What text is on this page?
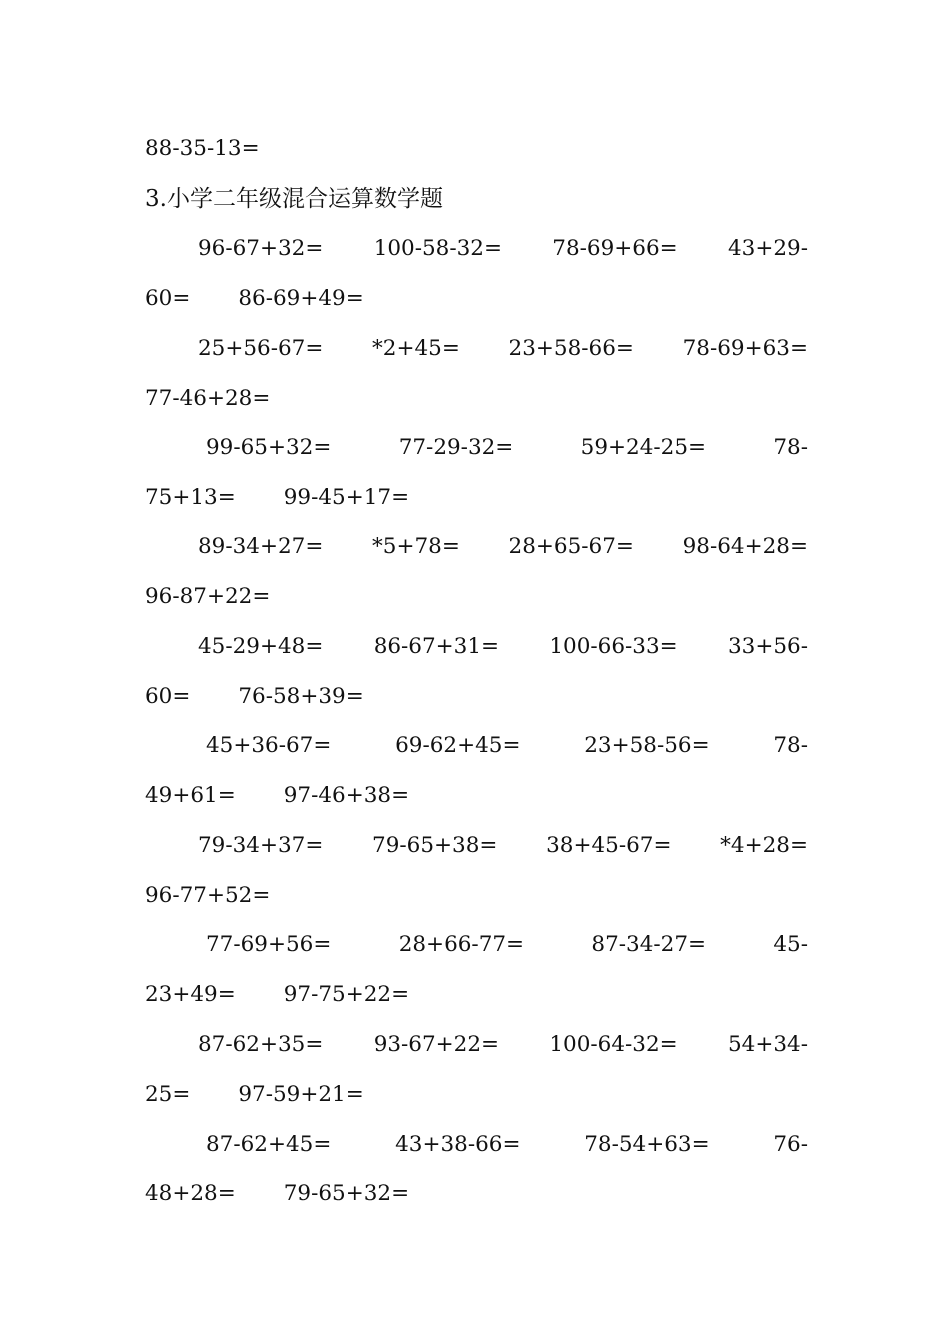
88-35-13=
3.小学二年级混合运算数学题
96-67+32= 100-58-32= 78-69+66= 43+29-
60= 86-69+49=
25+56-67= *2+45= 23+58-66= 78-69+63=
77-46+28=
99-65+32=	77-29-32=	59+24-25=	78-
75+13= 99-45+17=
89-34+27= *5+78= 28+65-67= 98-64+28=
96-87+22=
45-29+48= 86-67+31= 100-66-33= 33+56-
60= 76-58+39=
45+36-67=	69-62+45=	23+58-56=	78-
49+61= 97-46+38=
79-34+37= 79-65+38= 38+45-67= *4+28=
96-77+52=
77-69+56=	28+66-77=	87-34-27=	45-
23+49= 97-75+22=
87-62+35= 93-67+22= 100-64-32= 54+34-
25= 97-59+21=
87-62+45=	43+38-66=	78-54+63=	76-
48+28= 79-65+32=
